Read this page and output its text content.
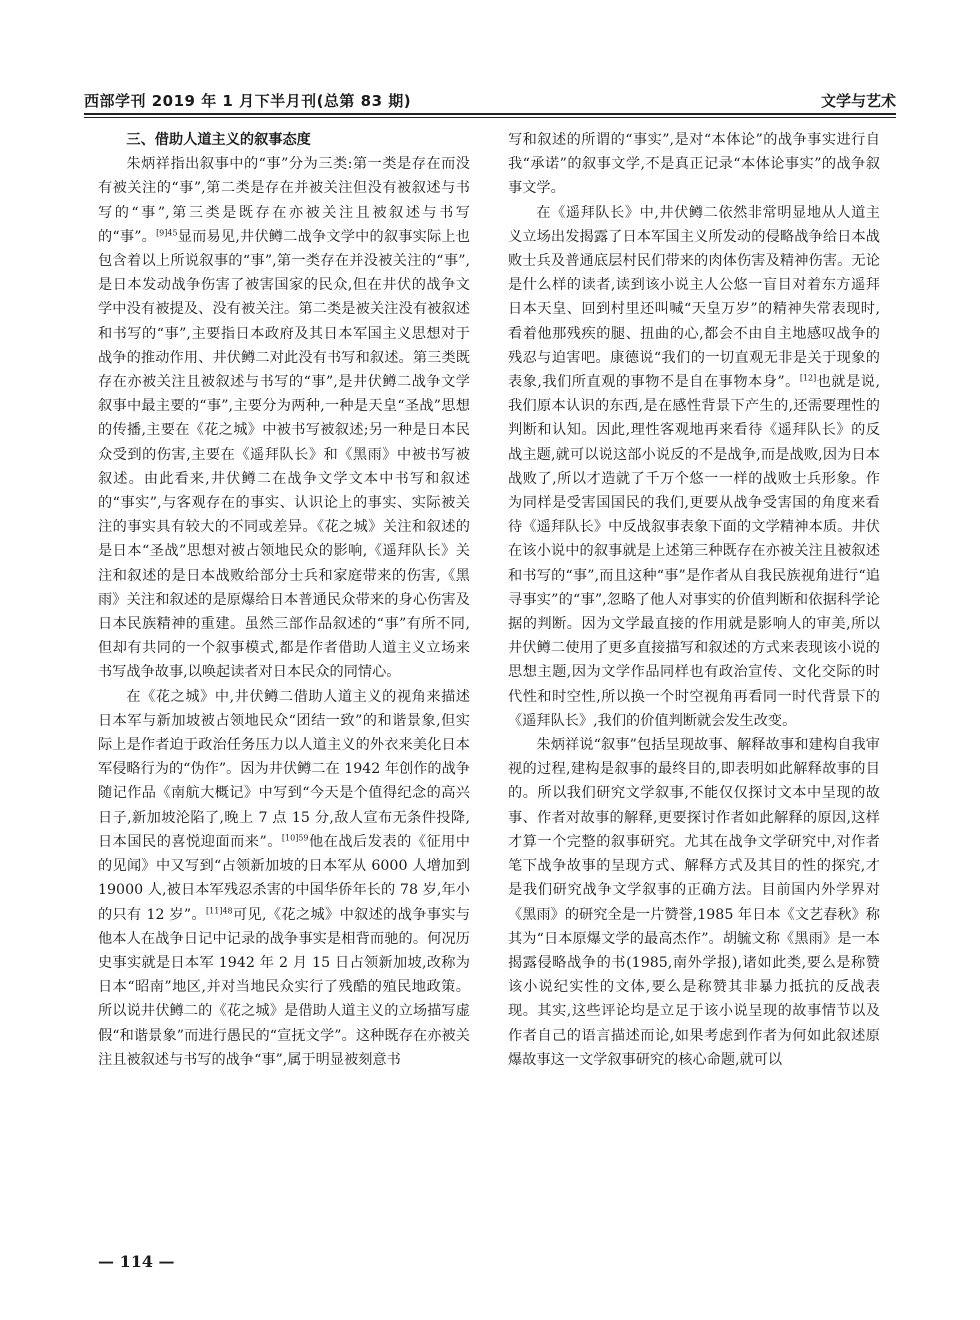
西部学刊 2019 年 1 月下半月刊(总第 83 期)	文学与艺术
三、借助人道主义的叙事态度

朱炳祥指出叙事中的“事”分为三类:第一类是存在而没有被关注的“事”,第二类是存在并被关注但没有被叙述与书写的“事”,第三类是既存在亦被关注且被叙述与书写的“事”。$^{[9]45}$显而易见,井伏鳟二战争文学中的叙事实际上也包含着以上所说叙事的“事”,第一类存在并没被关注的“事”,是日本发动战争伤害了被害国家的民众,但在井伏的战争文学中没有被提及、没有被关注。第二类是被关注没有被叙述和书写的“事”,主要指日本政府及其日本军国主义思想对于战争的推动作用、井伏鳟二对此没有书写和叙述。第三类既存在亦被关注且被叙述与书写的“事”,是井伏鳟二战争文学叙事中最主要的“事”,主要分为两种,一种是天皇“圣战”思想的传播,主要在《花之城》中被书写被叙述;另一种是日本民众受到的伤害,主要在《遥拜队长》和《黑雨》中被书写被叙述。由此看来,井伏鳟二在战争文学文本中书写和叙述的“事实”,与客观存在的事实、认识论上的事实、实际被关注的事实具有较大的不同或差异。《花之城》关注和叙述的是日本“圣战”思想对被占领地民众的影响,《遥拜队长》关注和叙述的是日本战败给部分士兵和家庭带来的伤害,《黑雨》关注和叙述的是原爆给日本普通民众带来的身心伤害及日本民族精神的重建。虽然三部作品叙述的“事”有所不同,但却有共同的一个叙事模式,都是作者借助人道主义立场来书写战争故事,以唤起读者对日本民众的同情心。

在《花之城》中,井伏鳟二借助人道主义的视角来描述日本军与新加坡被占领地民众“团结一致”的和谐景象,但实际上是作者迫于政治任务压力以人道主义的外衣来美化日本军侵略行为的“伪作”。因为井伏鳟二在 1942 年创作的战争随记作品《南航大概记》中写到“今天是个值得纪念的高兴日子,新加坡沦陷了,晚上 7 点 15 分,敌人宣布无条件投降,日本国民的喜悦迎面而来”。$^{[10]59}$他在战后发表的《征用中的见闻》中又写到“占领新加坡的日本军从 6000 人增加到 19000 人,被日本军残忍杀害的中国华侨年长的 78 岁,年小的只有 12 岁”。$^{[11]48}$可见,《花之城》中叙述的战争事实与他本人在战争日记中记录的战争事实是相背而驰的。何况历史事实就是日本军 1942 年 2 月 15 日占领新加坡,改称为日本“昭南”地区,并对当地民众实行了残酷的殖民地政策。所以说井伏鳟二的《花之城》是借助人道主义的立场描写虚假“和谐景象”而进行愚民的“宣抚文学”。这种既存在亦被关注且被叙述与书写的战争“事”,属于明显被刻意书

写和叙述的所谓的“事实”,是对“本体论”的战争事实进行自我“承诺”的叙事文学,不是真正记录“本体论事实”的战争叙事文学。

在《遥拜队长》中,井伏鳟二依然非常明显地从人道主义立场出发揭露了日本军国主义所发动的侵略战争给日本战败士兵及普通底层村民们带来的肉体伤害及精神伤害。无论是什么样的读者,读到该小说主人公悠一盲目对着东方遥拜日本天皇、回到村里还叫喊“天皇万岁”的精神失常表现时,看着他那残疾的腿、扭曲的心,都会不由自主地感叹战争的残忍与迫害吧。康德说“我们的一切直观无非是关于现象的表象,我们所直观的事物不是自在事物本身”。[12]也就是说,我们原本认识的东西,是在感性背景下产生的,还需要理性的判断和认知。因此,理性客观地再来看待《遥拜队长》的反战主题,就可以说这部小说反的不是战争,而是战败,因为日本战败了,所以才造就了千万个悠一一样的战败士兵形象。作为同样是受害国国民的我们,更要从战争受害国的角度来看待《遥拜队长》中反战叙事表象下面的文学精神本质。井伏在该小说中的叙事就是上述第三种既存在亦被关注且被叙述和书写的“事”,而且这种“事”是作者从自我民族视角进行“追寻事实”的“事”,忽略了他人对事实的价值判断和依据科学论据的判断。因为文学最直接的作用就是影响人的审美,所以井伏鳟二使用了更多直接描写和叙述的方式来表现该小说的思想主题,因为文学作品同样也有政治宣传、文化交际的时代性和时空性,所以换一个时空视角再看同一时代背景下的《遥拜队长》,我们的价值判断就会发生改变。

朱炳祥说“叙事”包括呈现故事、解释故事和建构自我审视的过程,建构是叙事的最终目的,即表明如此解释故事的目的。所以我们研究文学叙事,不能仅仅探讨文本中呈现的故事、作者对故事的解释,更要探讨作者如此解释的原因,这样才算一个完整的叙事研究。尤其在战争文学研究中,对作者笔下战争故事的呈现方式、解释方式及其目的性的探究,才是我们研究战争文学叙事的正确方法。目前国内外学界对《黑雨》的研究全是一片赞誉,1985 年日本《文艺春秋》称其为“日本原爆文学的最高杰作”。胡毓文称《黑雨》是一本揭露侵略战争的书(1985,南外学报),诸如此类,要么是称赞该小说纪实性的文体,要么是称赞其非暴力抵抗的反战表现。其实,这些评论均是立足于该小说呈现的故事情节以及作者自己的语言描述而论,如果考虑到作者为何如此叙述原爆故事这一文学叙事研究的核心命题,就可以

— 114 —
